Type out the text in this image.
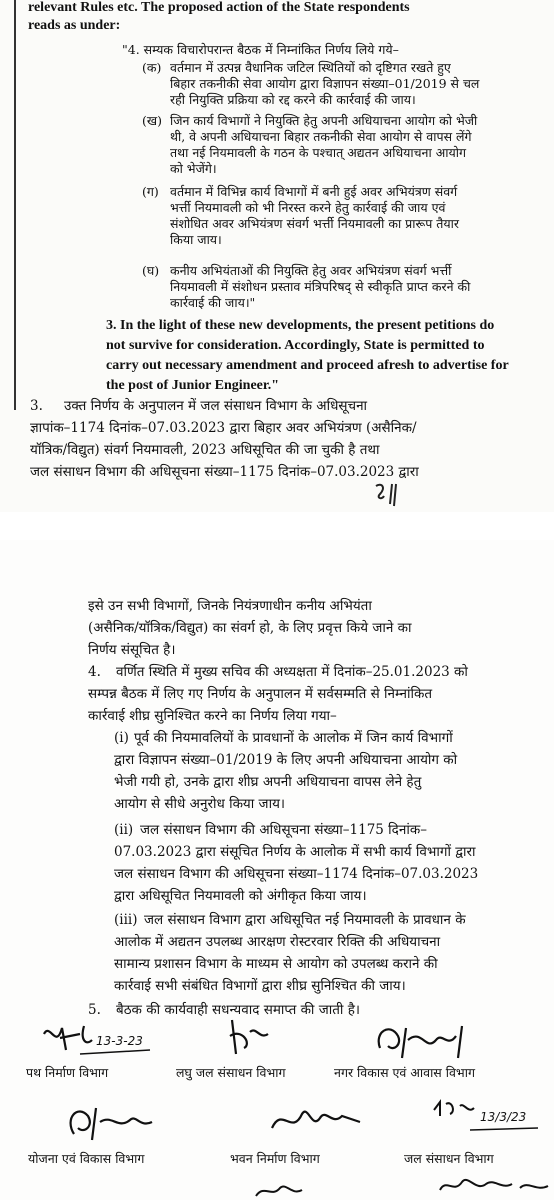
relevant Rules etc. The proposed action of the State respondents
reads as under:
"4. सम्यक विचारोपरान्त बैठक में निम्नांकित निर्णय लिये गये–
(क) वर्तमान में उत्पन्न वैधानिक जटिल स्थितियों को दृष्टिगत रखते हुए
बिहार तकनीकी सेवा आयोग द्वारा विज्ञापन संख्या–01/2019 से चल
रही नियुक्ति प्रक्रिया को रद्द करने की कार्रवाई की जाय।
(ख) जिन कार्य विभागों ने नियुक्ति हेतु अपनी अधियाचना आयोग को भेजी
थी, वे अपनी अधियाचना बिहार तकनीकी सेवा आयोग से वापस लेंगे
तथा नई नियमावली के गठन के पश्चात् अद्यतन अधियाचना आयोग
को भेजेंगे।
(ग) वर्तमान में विभिन्न कार्य विभागों में बनी हुई अवर अभियंत्रण संवर्ग
भर्त्ती नियमावली को भी निरस्त करने हेतु कार्रवाई की जाय एवं
संशोधित अवर अभियंत्रण संवर्ग भर्त्ती नियमावली का प्रारूप तैयार
किया जाय।
(घ) कनीय अभियंताओं की नियुक्ति हेतु अवर अभियंत्रण संवर्ग भर्त्ती
नियमावली में संशोधन प्रस्ताव मंत्रिपरिषद् से स्वीकृति प्राप्त करने की
कार्रवाई की जाय।"
3. In the light of these new developments, the present petitions do
not survive for consideration. Accordingly, State is permitted to
carry out necessary amendment and proceed afresh to advertise for
the post of Junior Engineer."
3. उक्त निर्णय के अनुपालन में जल संसाधन विभाग के अधिसूचना
ज्ञापांक–1174 दिनांक–07.03.2023 द्वारा बिहार अवर अभियंत्रण (असैनिक/
यॉत्रिक/विद्युत) संवर्ग नियमावली, 2023 अधिसूचित की जा चुकी है तथा
जल संसाधन विभाग की अधिसूचना संख्या–1175 दिनांक–07.03.2023 द्वारा
इसे उन सभी विभागों, जिनके नियंत्रणाधीन कनीय अभियंता
(असैनिक/यॉत्रिक/विद्युत) का संवर्ग हो, के लिए प्रवृत्त किये जाने का
निर्णय संसूचित है।
4. वर्णित स्थिति में मुख्य सचिव की अध्यक्षता में दिनांक–25.01.2023 को
सम्पन्न बैठक में लिए गए निर्णय के अनुपालन में सर्वसम्मति से निम्नांकित
कार्रवाई शीघ्र सुनिश्चित करने का निर्णय लिया गया–
(i) पूर्व की नियमावलियों के प्रावधानों के आलोक में जिन कार्य विभागों
द्वारा विज्ञापन संख्या–01/2019 के लिए अपनी अधियाचना आयोग को
भेजी गयी हो, उनके द्वारा शीघ्र अपनी अधियाचना वापस लेने हेतु
आयोग से सीधे अनुरोध किया जाय।
(ii) जल संसाधन विभाग की अधिसूचना संख्या–1175 दिनांक–
07.03.2023 द्वारा संसूचित निर्णय के आलोक में सभी कार्य विभागों द्वारा
जल संसाधन विभाग की अधिसूचना संख्या–1174 दिनांक–07.03.2023
द्वारा अधिसूचित नियमावली को अंगीकृत किया जाय।
(iii) जल संसाधन विभाग द्वारा अधिसूचित नई नियमावली के प्रावधान के
आलोक में अद्यतन उपलब्ध आरक्षण रोस्टरवार रिक्ति की अधियाचना
सामान्य प्रशासन विभाग के माध्यम से आयोग को उपलब्ध कराने की
कार्रवाई सभी संबंधित विभागों द्वारा शीघ्र सुनिश्चित की जाय।
5. बैठक की कार्यवाही सधन्यवाद समाप्त की जाती है।
13-3-23
पथ निर्माण विभाग	लघु जल संसाधन विभाग	नगर विकास एवं आवास विभाग
13/3/23
योजना एवं विकास विभाग	भवन निर्माण विभाग	जल संसाधन विभाग
